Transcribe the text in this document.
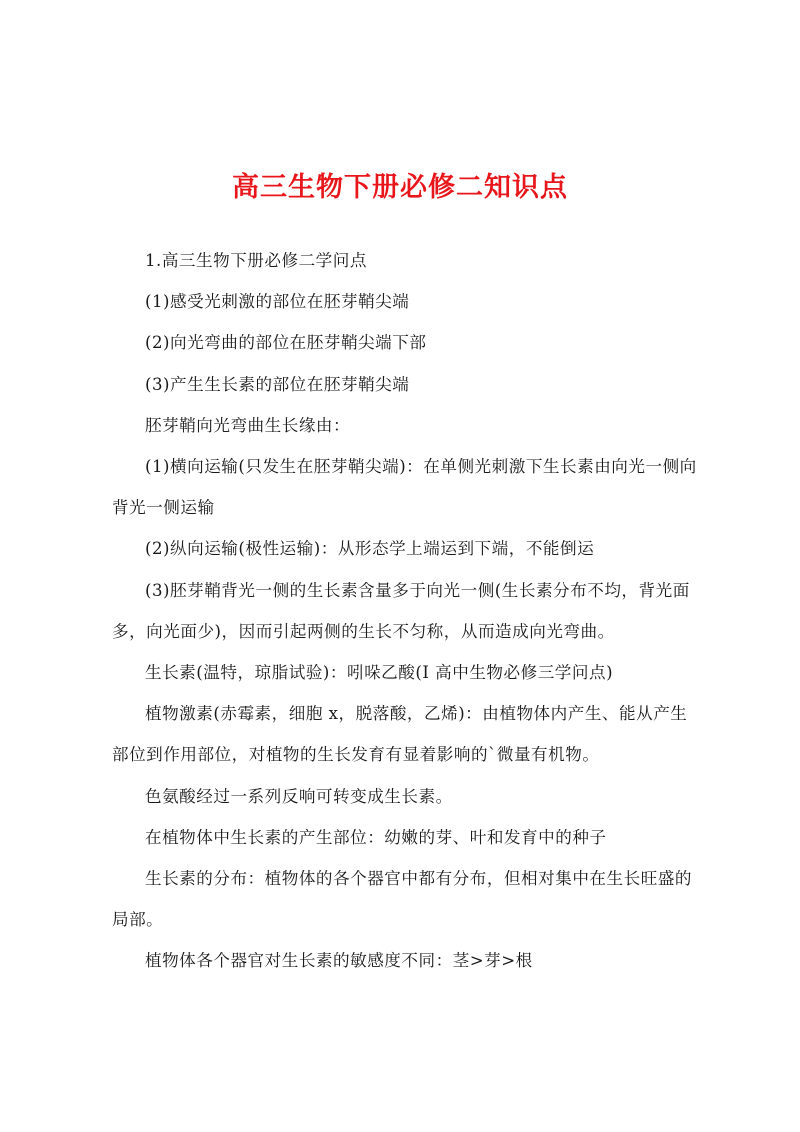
高三生物下册必修二知识点

1.高三生物下册必修二学问点

(1)感受光刺激的部位在胚芽鞘尖端

(2)向光弯曲的部位在胚芽鞘尖端下部

(3)产生生长素的部位在胚芽鞘尖端

胚芽鞘向光弯曲生长缘由：

(1)横向运输(只发生在胚芽鞘尖端)：在单侧光刺激下生长素由向光一侧向背光一侧运输

(2)纵向运输(极性运输)：从形态学上端运到下端，不能倒运

(3)胚芽鞘背光一侧的生长素含量多于向光一侧(生长素分布不均，背光面多，向光面少)，因而引起两侧的生长不匀称，从而造成向光弯曲。

生长素(温特，琼脂试验)：吲哚乙酸(I 高中生物必修三学问点)

植物激素(赤霉素，细胞 x，脱落酸，乙烯)：由植物体内产生、能从产生部位到作用部位，对植物的生长发育有显着影响的`微量有机物。

色氨酸经过一系列反响可转变成生长素。

在植物体中生长素的产生部位：幼嫩的芽、叶和发育中的种子

生长素的分布：植物体的各个器官中都有分布，但相对集中在生长旺盛的局部。

植物体各个器官对生长素的敏感度不同：茎>芽>根
